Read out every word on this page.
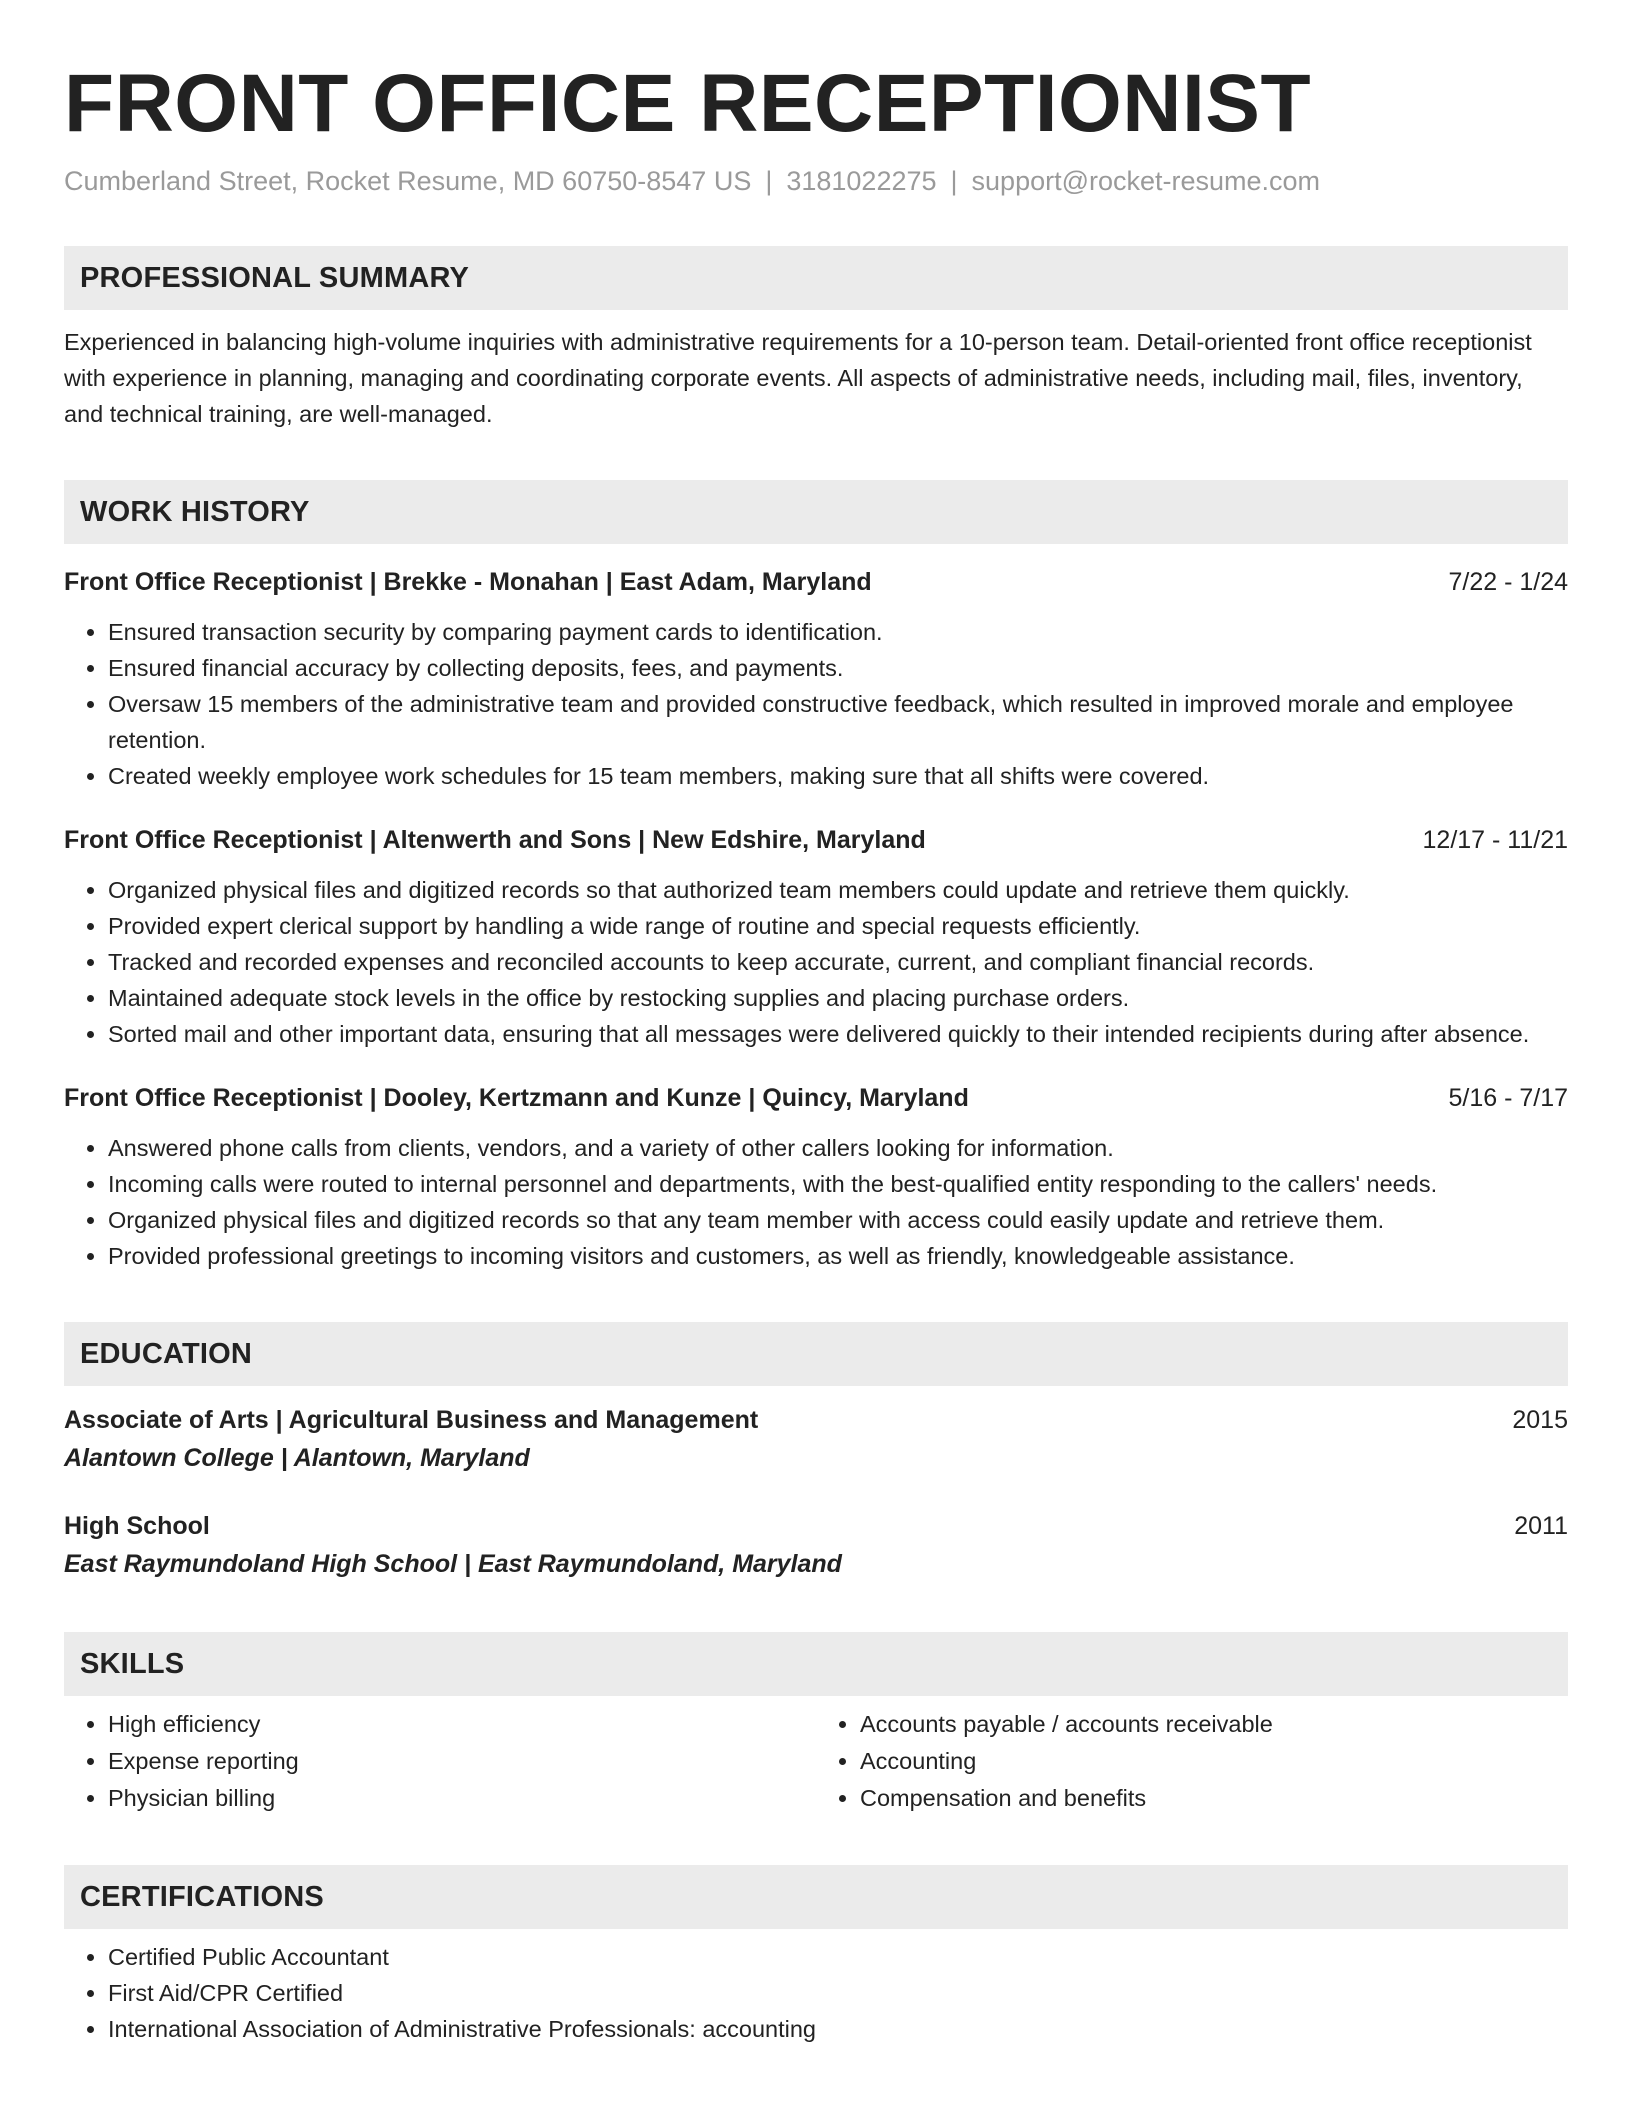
FRONT OFFICE RECEPTIONIST
Cumberland Street, Rocket Resume, MD 60750-8547 US | 3181022275 | support@rocket-resume.com
PROFESSIONAL SUMMARY
Experienced in balancing high-volume inquiries with administrative requirements for a 10-person team. Detail-oriented front office receptionist with experience in planning, managing and coordinating corporate events. All aspects of administrative needs, including mail, files, inventory, and technical training, are well-managed.
WORK HISTORY
Front Office Receptionist | Brekke - Monahan | East Adam, Maryland	7/22 - 1/24
• Ensured transaction security by comparing payment cards to identification.
• Ensured financial accuracy by collecting deposits, fees, and payments.
• Oversaw 15 members of the administrative team and provided constructive feedback, which resulted in improved morale and employee retention.
• Created weekly employee work schedules for 15 team members, making sure that all shifts were covered.
Front Office Receptionist | Altenwerth and Sons | New Edshire, Maryland	12/17 - 11/21
• Organized physical files and digitized records so that authorized team members could update and retrieve them quickly.
• Provided expert clerical support by handling a wide range of routine and special requests efficiently.
• Tracked and recorded expenses and reconciled accounts to keep accurate, current, and compliant financial records.
• Maintained adequate stock levels in the office by restocking supplies and placing purchase orders.
• Sorted mail and other important data, ensuring that all messages were delivered quickly to their intended recipients during after absence.
Front Office Receptionist | Dooley, Kertzmann and Kunze | Quincy, Maryland	5/16 - 7/17
• Answered phone calls from clients, vendors, and a variety of other callers looking for information.
• Incoming calls were routed to internal personnel and departments, with the best-qualified entity responding to the callers' needs.
• Organized physical files and digitized records so that any team member with access could easily update and retrieve them.
• Provided professional greetings to incoming visitors and customers, as well as friendly, knowledgeable assistance.
EDUCATION
Associate of Arts | Agricultural Business and Management	2015
Alantown College | Alantown, Maryland
High School	2011
East Raymundoland High School | East Raymundoland, Maryland
SKILLS
• High efficiency
• Expense reporting
• Physician billing
• Accounts payable / accounts receivable
• Accounting
• Compensation and benefits
CERTIFICATIONS
• Certified Public Accountant
• First Aid/CPR Certified
• International Association of Administrative Professionals: accounting
